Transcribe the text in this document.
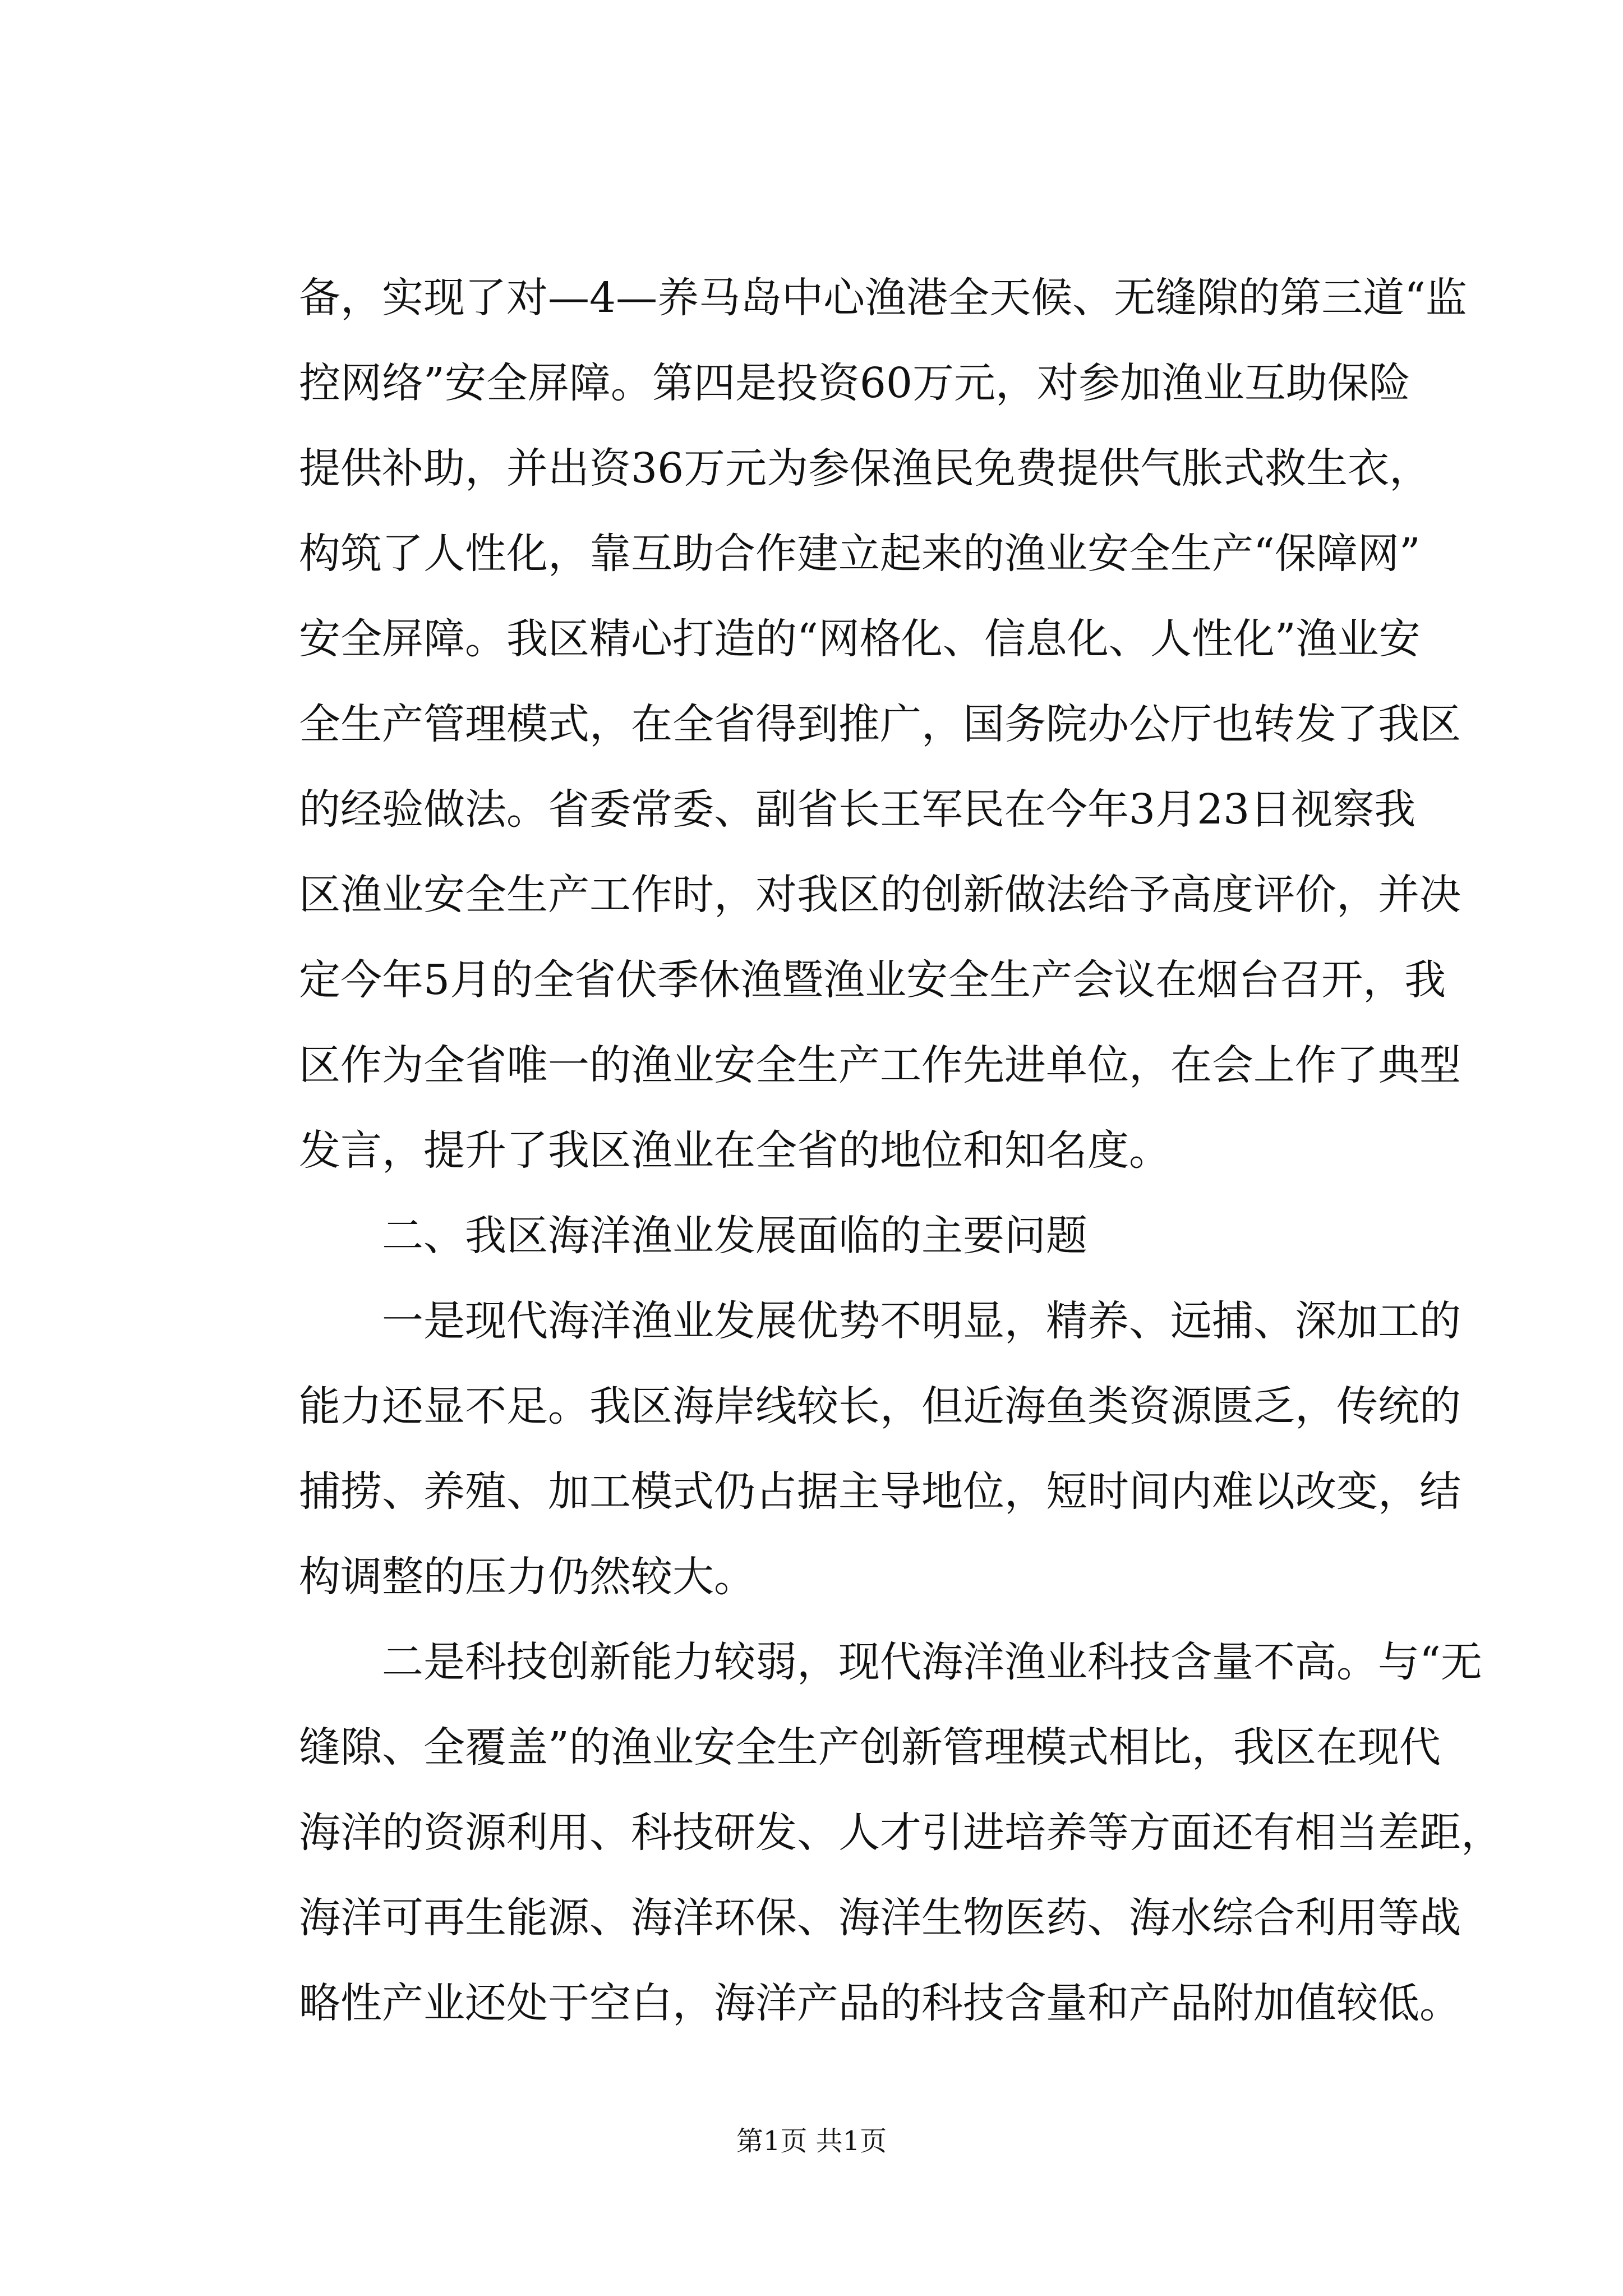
备，实现了对—4—养马岛中心渔港全天候、无缝隙的第三道“监
控网络”安全屏障。第四是投资60万元，对参加渔业互助保险
提供补助，并出资36万元为参保渔民免费提供气胀式救生衣，
构筑了人性化，靠互助合作建立起来的渔业安全生产“保障网”
安全屏障。我区精心打造的“网格化、信息化、人性化”渔业安
全生产管理模式，在全省得到推广，国务院办公厅也转发了我区
的经验做法。省委常委、副省长王军民在今年3月23日视察我
区渔业安全生产工作时，对我区的创新做法给予高度评价，并决
定今年5月的全省伏季休渔暨渔业安全生产会议在烟台召开，我
区作为全省唯一的渔业安全生产工作先进单位，在会上作了典型
发言，提升了我区渔业在全省的地位和知名度。
二、我区海洋渔业发展面临的主要问题
一是现代海洋渔业发展优势不明显，精养、远捕、深加工的
能力还显不足。我区海岸线较长，但近海鱼类资源匮乏，传统的
捕捞、养殖、加工模式仍占据主导地位，短时间内难以改变，结
构调整的压力仍然较大。
二是科技创新能力较弱，现代海洋渔业科技含量不高。与“无
缝隙、全覆盖”的渔业安全生产创新管理模式相比，我区在现代
海洋的资源利用、科技研发、人才引进培养等方面还有相当差距，
海洋可再生能源、海洋环保、海洋生物医药、海水综合利用等战
略性产业还处于空白，海洋产品的科技含量和产品附加值较低。
第1页 共1页
